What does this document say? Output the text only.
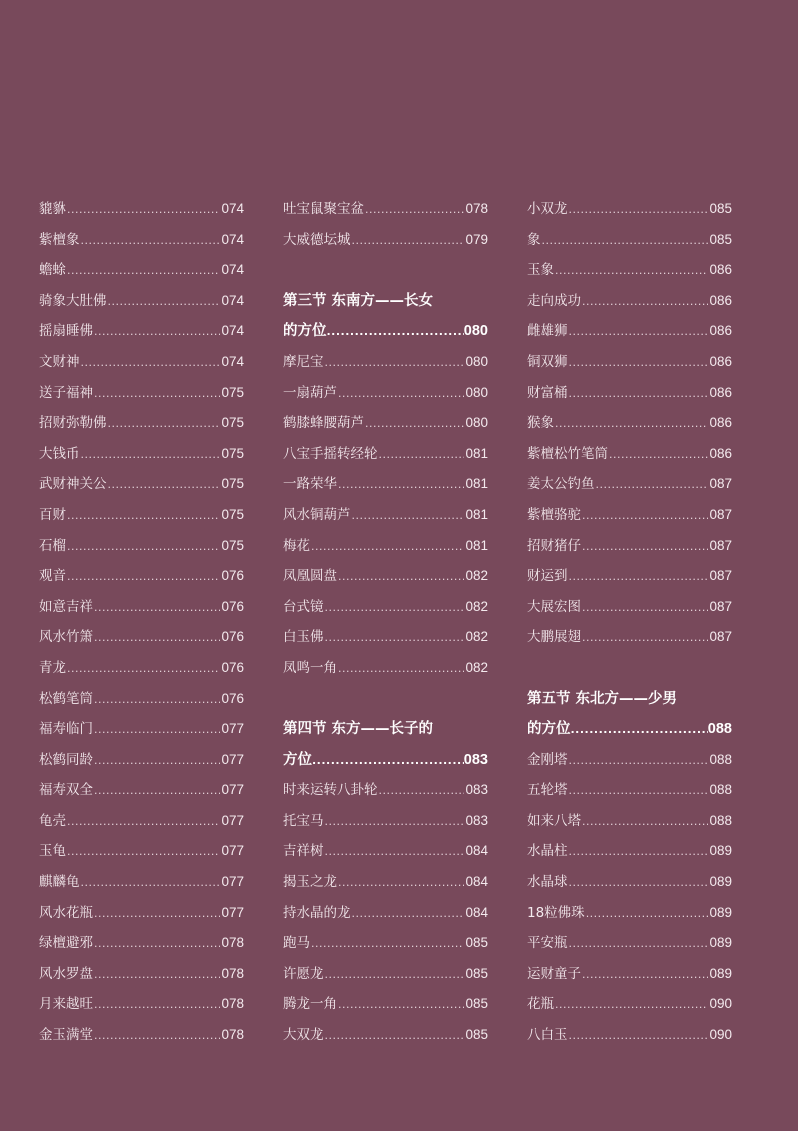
貔貅 .....	074
紫檀象 .....	074
蟾蜍 .....	074
骑象大肚佛 .....	074
摇扇睡佛 .....	074
文财神 .....	074
送子福神 .....	075
招财弥勒佛 .....	075
大钱币 .....	075
武财神关公 .....	075
百财 .....	075
石榴 .....	075
观音 .....	076
如意吉祥 .....	076
风水竹箫 .....	076
青龙 .....	076
松鹤笔筒 .....	076
福寿临门 .....	077
松鹤同龄 .....	077
福寿双全 .....	077
龟壳 .....	077
玉龟 .....	077
麒麟龟 .....	077
风水花瓶 .....	077
绿檀避邪 .....	078
风水罗盘 .....	078
月来越旺 .....	078
金玉满堂 .....	078
吐宝鼠聚宝盆 .....	078
大威德坛城 .....	079
第三节 东南方——长女
的方位 .....	080
摩尼宝 .....	080
一扇葫芦 .....	080
鹤膝蜂腰葫芦 .....	080
八宝手摇转经轮 .....	081
一路荣华 .....	081
风水铜葫芦 .....	081
梅花 .....	081
凤凰圆盘 .....	082
台式镜 .....	082
白玉佛 .....	082
凤鸣一角 .....	082
第四节 东方——长子的
方位 .....	083
时来运转八卦轮 .....	083
托宝马 .....	083
吉祥树 .....	084
揭玉之龙 .....	084
持水晶的龙 .....	084
跑马 .....	085
许愿龙 .....	085
腾龙一角 .....	085
大双龙 .....	085
小双龙 .....	085
象 .....	085
玉象 .....	086
走向成功 .....	086
雌雄狮 .....	086
铜双狮 .....	086
财富桶 .....	086
猴象 .....	086
紫檀松竹笔筒 .....	086
姜太公钓鱼 .....	087
紫檀骆驼 .....	087
招财猪仔 .....	087
财运到 .....	087
大展宏图 .....	087
大鹏展翅 .....	087
第五节 东北方——少男
的方位 .....	088
金刚塔 .....	088
五轮塔 .....	088
如来八塔 .....	088
水晶柱 .....	089
水晶球 .....	089
18粒佛珠 .....	089
平安瓶 .....	089
运财童子 .....	089
花瓶 .....	090
八白玉 .....	090
